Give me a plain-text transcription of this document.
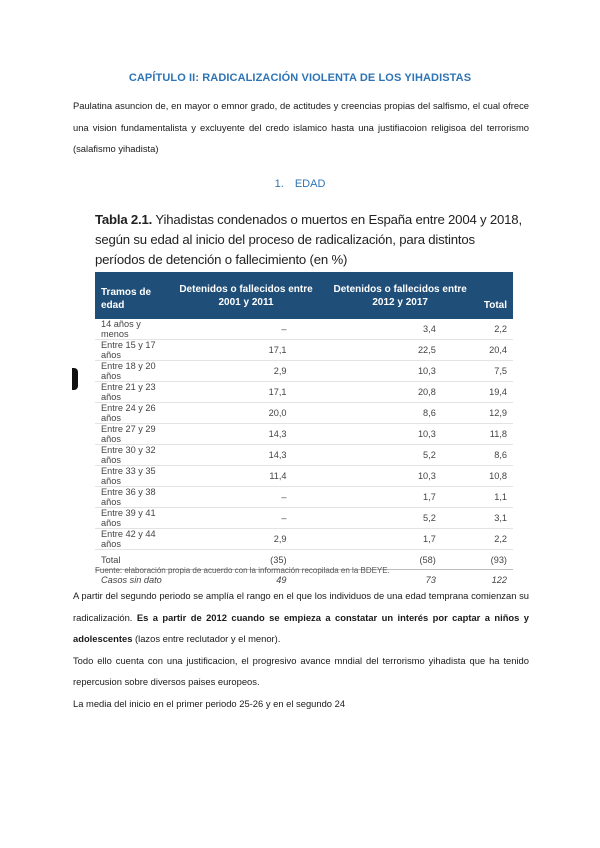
CAPÍTULO II: RADICALIZACIÓN VIOLENTA DE LOS YIHADISTAS
Paulatina asuncion de, en mayor o emnor grado, de actitudes y creencias propias del salfismo, el cual ofrece una vision fundamentalista y excluyente del credo islamico hasta una justifiacoion religisoa del terrorismo (salafismo yihadista)
1. EDAD
Tabla 2.1. Yihadistas condenados o muertos en España entre 2004 y 2018, según su edad al inicio del proceso de radicalización, para distintos períodos de detención o fallecimiento (en %)
Tramos de edad	Detenidos o fallecidos entre 2001 y 2011	Detenidos o fallecidos entre 2012 y 2017	Total
14 años y menos	–	3,4	2,2
Entre 15 y 17 años	17,1	22,5	20,4
Entre 18 y 20 años	2,9	10,3	7,5
Entre 21 y 23 años	17,1	20,8	19,4
Entre 24 y 26 años	20,0	8,6	12,9
Entre 27 y 29 años	14,3	10,3	11,8
Entre 30 y 32 años	14,3	5,2	8,6
Entre 33 y 35 años	11,4	10,3	10,8
Entre 36 y 38 años	–	1,7	1,1
Entre 39 y 41 años	–	5,2	3,1
Entre 42 y 44 años	2,9	1,7	2,2
Total	(35)	(58)	(93)
Casos sin dato	49	73	122
Fuente: elaboración propia de acuerdo con la información recopilada en la BDEYE.
A partir del segundo periodo se amplía el rango en el que los individuos de una edad temprana comienzan su radicalización. Es a partir de 2012 cuando se empieza a constatar un interés por captar a niños y adolescentes (lazos entre reclutador y el menor).
Todo ello cuenta con una justificacion, el progresivo avance mndial del terrorismo yihadista que ha tenido repercusion sobre diversos paises europeos.
La media del inicio en el primer periodo 25-26 y en el segundo 24
